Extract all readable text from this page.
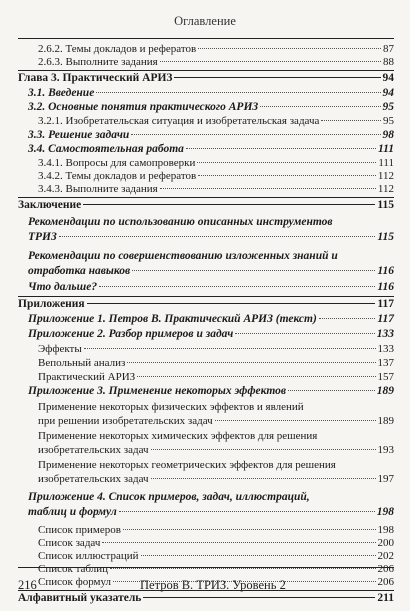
Оглавление
2.6.2. Темы докладов и рефератов	87
2.6.3. Выполните задания	88
Глава 3. Практический АРИЗ	94
3.1. Введение	94
3.2. Основные понятия практического АРИЗ	95
3.2.1. Изобретательская ситуация и изобретательская задача	95
3.3. Решение задачи	98
3.4. Самостоятельная работа	111
3.4.1. Вопросы для самопроверки	111
3.4.2. Темы докладов и рефератов	112
3.4.3. Выполните задания	112
Заключение	115
Рекомендации по использованию описанных инструментов
ТРИЗ	115
Рекомендации по совершенствованию изложенных знаний и
отработка навыков	116
Что дальше?	116
Приложения	117
Приложение 1. Петров В. Практический АРИЗ (текст)	117
Приложение 2. Разбор примеров и задач	133
Эффекты	133
Вепольный анализ	137
Практический АРИЗ	157
Приложение 3. Применение некоторых эффектов	189
Применение некоторых физических эффектов и явлений
при решении изобретательских задач	189
Применение некоторых химических эффектов для решения
изобретательских задач	193
Применение некоторых геометрических эффектов для решения
изобретательских задач	197
Приложение 4. Список примеров, задач, иллюстраций,
таблиц и формул	198
Список примеров	198
Список задач	200
Список иллюстраций	202
Список таблиц	206
Список формул	206
Алфавитный указатель	211
216	Петров В. ТРИЗ. Уровень 2
